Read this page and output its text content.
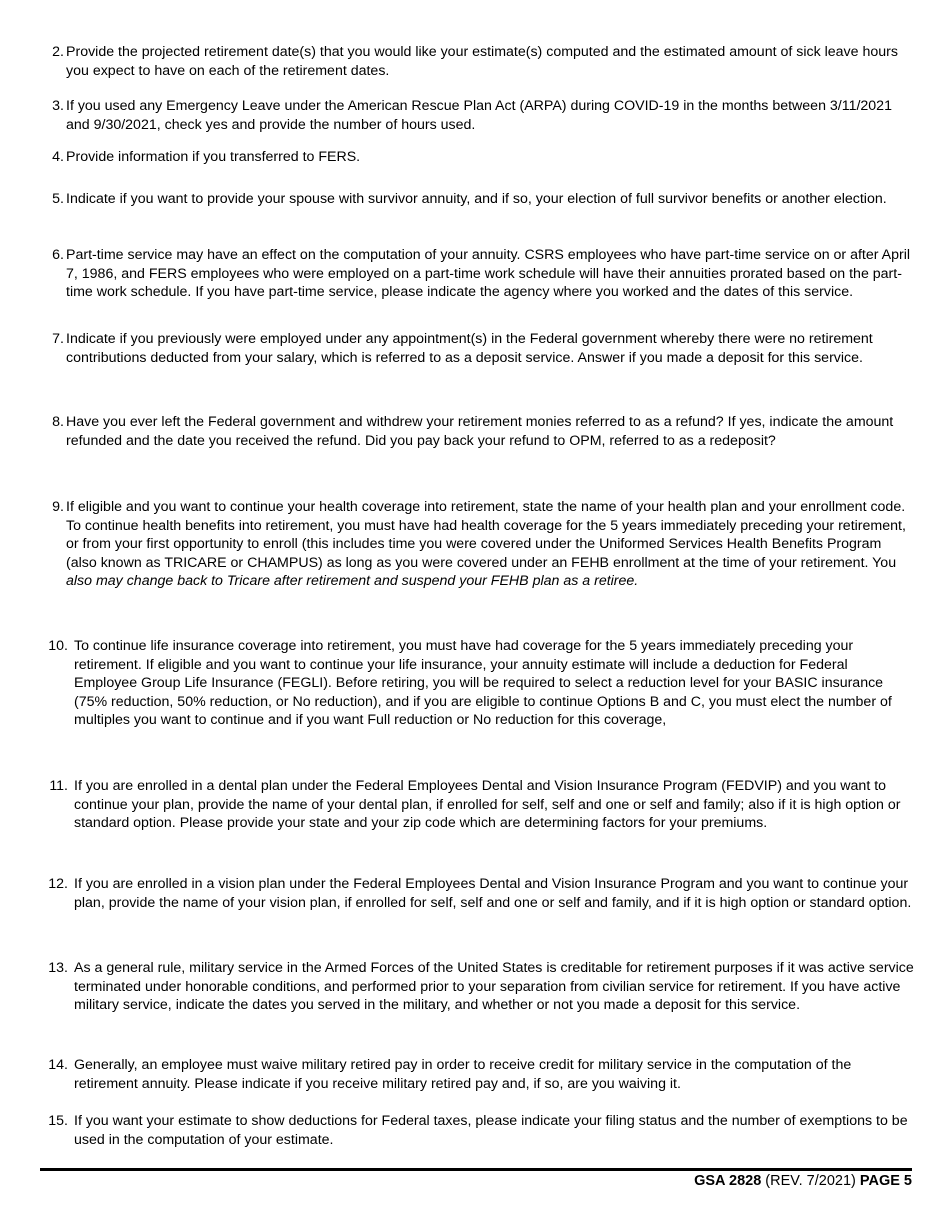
2. Provide the projected retirement date(s) that you would like your estimate(s) computed and the estimated amount of sick leave hours you expect to have on each of the retirement dates.
3. If you used any Emergency Leave under the American Rescue Plan Act (ARPA) during COVID-19 in the months between 3/11/2021 and 9/30/2021, check yes and provide the number of hours used.
4. Provide information if you transferred to FERS.
5. Indicate if you want to provide your spouse with survivor annuity, and if so, your election of full survivor benefits or another election.
6. Part-time service may have an effect on the computation of your annuity. CSRS employees who have part-time service on or after April 7, 1986, and FERS employees who were employed on a part-time work schedule will have their annuities prorated based on the part-time work schedule. If you have part-time service, please indicate the agency where you worked and the dates of this service.
7. Indicate if you previously were employed under any appointment(s) in the Federal government whereby there were no retirement contributions deducted from your salary, which is referred to as a deposit service. Answer if you made a deposit for this service.
8. Have you ever left the Federal government and withdrew your retirement monies referred to as a refund? If yes, indicate the amount refunded and the date you received the refund. Did you pay back your refund to OPM, referred to as a redeposit?
9. If eligible and you want to continue your health coverage into retirement, state the name of your health plan and your enrollment code. To continue health benefits into retirement, you must have had health coverage for the 5 years immediately preceding your retirement, or from your first opportunity to enroll (this includes time you were covered under the Uniformed Services Health Benefits Program (also known as TRICARE or CHAMPUS) as long as you were covered under an FEHB enrollment at the time of your retirement. You also may change back to Tricare after retirement and suspend your FEHB plan as a retiree.
10. To continue life insurance coverage into retirement, you must have had coverage for the 5 years immediately preceding your retirement. If eligible and you want to continue your life insurance, your annuity estimate will include a deduction for Federal Employee Group Life Insurance (FEGLI). Before retiring, you will be required to select a reduction level for your BASIC insurance (75% reduction, 50% reduction, or No reduction), and if you are eligible to continue Options B and C, you must elect the number of multiples you want to continue and if you want Full reduction or No reduction for this coverage,
11. If you are enrolled in a dental plan under the Federal Employees Dental and Vision Insurance Program (FEDVIP) and you want to continue your plan, provide the name of your dental plan, if enrolled for self, self and one or self and family; also if it is high option or standard option. Please provide your state and your zip code which are determining factors for your premiums.
12. If you are enrolled in a vision plan under the Federal Employees Dental and Vision Insurance Program and you want to continue your plan, provide the name of your vision plan, if enrolled for self, self and one or self and family, and if it is high option or standard option.
13. As a general rule, military service in the Armed Forces of the United States is creditable for retirement purposes if it was active service terminated under honorable conditions, and performed prior to your separation from civilian service for retirement. If you have active military service, indicate the dates you served in the military, and whether or not you made a deposit for this service.
14. Generally, an employee must waive military retired pay in order to receive credit for military service in the computation of the retirement annuity. Please indicate if you receive military retired pay and, if so, are you waiving it.
15. If you want your estimate to show deductions for Federal taxes, please indicate your filing status and the number of exemptions to be used in the computation of your estimate.
GSA 2828 (REV. 7/2021) PAGE 5
